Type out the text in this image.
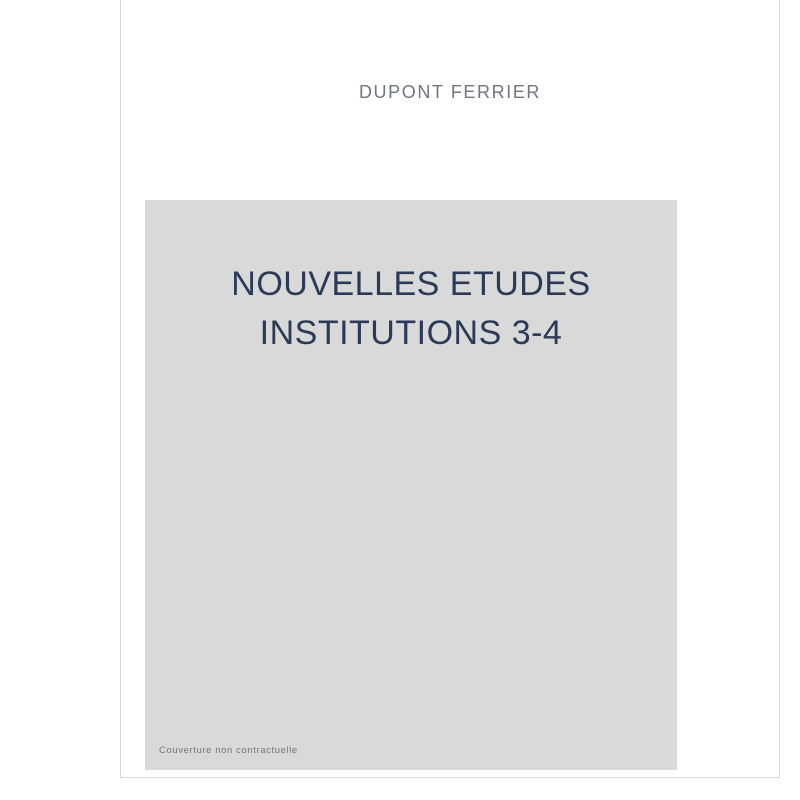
DUPONT FERRIER
NOUVELLES ETUDES
INSTITUTIONS 3-4
Couverture non contractuelle
